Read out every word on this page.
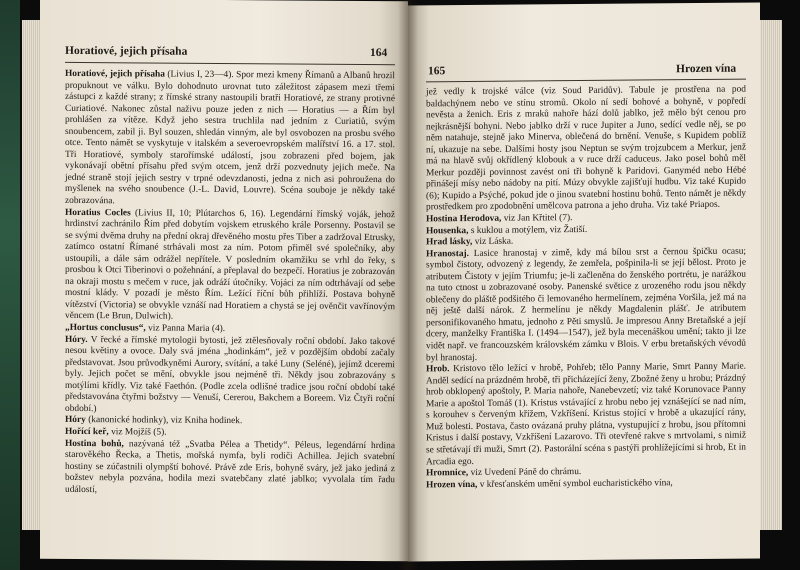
Horatiové, jejich přísaha	164

Horatiové, jejich přísaha (Livius I, 23—4). Spor mezi kmeny Římanů a Albanů hrozil propuknout ve válku. Bylo dohodnuto urovnat tuto záležitost zápasem mezi třemi zástupci z každé strany; z římské strany nastoupili bratři Horatiové, ze strany protivné Curiatiové. Nakonec zůstal naživu pouze jeden z nich — Horatius — a Řím byl prohlášen za vítěze. Když jeho sestra truchlila nad jedním z Curiatiů, svým snoubencem, zabil ji. Byl souzen, shledán vinným, ale byl osvobozen na prosbu svého otce. Tento námět se vyskytuje v italském a severoevropském malířství 16. a 17. stol. Tři Horatiové, symboly starořímské událostí, jsou zobrazeni před bojem, jak vykonávají obětní přísahu před svým otcem, jenž drží pozvednuty jejich meče. Na jedné straně stojí jejich sestry v trpné odevzdanosti, jedna z nich asi pohroužena do myšlenek na svého snoubence (J.-L. David, Louvre). Scéna souboje je někdy také zobrazována.

Horatius Cocles (Livius II, 10; Plútarchos 6, 16). Legendární římský voják, jehož hrdinství zachránilo Řím před dobytím vojskem etruského krále Porsenny. Postavil se se svými dvěma druhy na přední okraj dřevěného mostu přes Tiber a zadržoval Etrusky, zatímco ostatní Římané strhávali most za ním. Potom přiměl své společníky, aby ustoupili, a dále sám odrážel nepřítele. V posledním okamžiku se vrhl do řeky, s prosbou k Otci Tiberinovi o požehnání, a přeplaval do bezpečí. Horatius je zobrazován na okraji mostu s mečem v ruce, jak odráží útočníky. Vojáci za ním odtrhávají od sebe mostní klády. V pozadí je město Řím. Ležící říční bůh přihlíží. Postava bohyně vítězství (Victoria) se obvykle vznáší nad Horatiem a chystá se jej ověnčit vavřínovým věncem (Le Brun, Dulwich).

„Hortus conclusus“, viz Panna Maria (4).

Hóry. V řecké a římské mytologii bytosti, jež ztělesňovaly roční období. Jako takové nesou květiny a ovoce. Daly svá jména „hodinkám“, jež v pozdějším období začaly představovat. Jsou průvodkyněmi Aurory, svítání, a také Luny (Seléné), jejímž dceremi byly. Jejich počet se mění, obvykle jsou nejméně tři. Někdy jsou zobrazovány s motýlími křídly. Viz také Faethón. (Podle zcela odlišné tradice jsou roční období také představována čtyřmi božstvy — Venuší, Cererou, Bakchem a Boreem. Viz Čtyři roční období.)

Hóry (kanonické hodinky), viz Kniha hodinek.

Hořící keř, viz Mojžíš (5).

Hostina bohů, nazývaná též „Svatba Pélea a Thetidy“. Péleus, legendární hrdina starověkého Řecka, a Thetis, mořská nymfa, byli rodiči Achillea. Jejich svatební hostiny se zúčastnili olympští bohové. Právě zde Eris, bohyně svárу, jež jako jediná z božstev nebyla pozvána, hodila mezi svatebčany zlaté jablko; vyvolala tím řadu událostí,

165	Hrozen vína

jež vedly k trojské válce (viz Soud Paridův). Tabule je prostřena na pod baldachýnem nebo ve stínu stromů. Okolo ní sedí bohové a bohyně, v popředí nevěsta a ženich. Eris z mraků nahoře hází dolů jablko, jež mělo být cenou pro nejkrásnější bohyni. Nebo jablko drží v ruce Jupiter a Juno, sedící vedle něj, se po něm natahuje, stejně jako Minerva, oblečená do brnění. Venuše, s Kupidem poblíž ní, ukazuje na sebe. Dalšími hosty jsou Neptun se svým trojzubcem a Merkur, jenž má na hlavě svůj okřídlený klobouk a v ruce drží caduceus. Jako posel bohů měl Merkur později povinnost zavést oni tři bohyně k Paridovi. Ganyméd nebo Hébé přinášejí mísy nebo nádoby na pití. Múzy obvykle zajišťují hudbu. Viz také Kupido (6); Kupido a Psýché, pokud jde o jinou svatební hostinu bohů. Tento námět je někdy prostředkem pro zpodobnění umělcova patrona a jeho druha. Viz také Priapos.

Hostina Herodova, viz Jan Křtitel (7).

Housenka, s kuklou a motýlem, viz Žatiší.

Hrad lásky, viz Láska.

Hranostaj. Lasice hranostaj v zimě, kdy má bílou srst a černou špičku ocasu; symbol čistoty, odvozený z legendy, že zemřela, pošpinila-li se její bělost. Proto je atributem Čistoty v jejím Triumfu; je-li začleněna do ženského portrétu, je narážkou na tuto ctnost u zobrazované osoby. Panenské světice z urozeného rodu jsou někdy oblečeny do pláště podšitého či lemovaného hermelínem, zejména Voršila, jež má na něj ještě další nárok. Z hermelínu je někdy Magdalenin plášť. Je atributem personifikovaného hmatu, jednoho z Pěti smyslů. Je impresou Anny Bretaňské a její dcery, manželky Františka I. (1494—1547), jež byla mecenáškou umění; takto ji lze vidět např. ve francouzském královském zámku v Blois. V erbu bretaňských vévodů byl hranostaj.

Hrob. Kristovo tělo ležící v hrobě, Pohřeb; tělo Panny Marie, Smrt Panny Marie. Anděl sedící na prázdném hrobě, tři přicházející ženy, Zbožné ženy u hrobu; Prázdný hrob obklopený apoštoly, P. Maria nahoře, Nanebevzetí; viz také Korunovace Panny Marie a apoštol Tomáš (1). Kristus vstávající z hrobu nebo jej vznášející se nad ním, s korouhev s červeným křížem, Vzkříšení. Kristus stojící v hrobě a ukazující rány, Muž bolesti. Postava, často ovázaná pruhy plátna, vystupující z hrobu, jsou přítomni Kristus i další postavy, Vzkříšení Lazarovo. Tři otevřené rakve s mrtvolami, s nimiž se střetávají tři muži, Smrt (2). Pastorální scéna s pastýři prohlížejícími si hrob, Et in Arcadia ego.

Hromnice, viz Uvedení Páně do chrámu.

Hrozen vína, v křesťanském umění symbol eucharistického vína,
